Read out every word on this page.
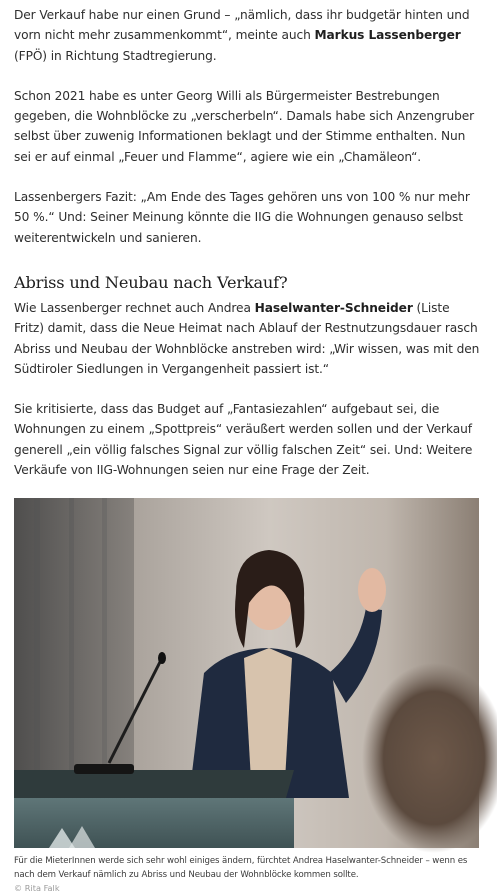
Der Verkauf habe nur einen Grund – „nämlich, dass ihr budgetär hinten und vorn nicht mehr zusammenkommt“, meinte auch Markus Lassenberger (FPÖ) in Richtung Stadtregierung.

Schon 2021 habe es unter Georg Willi als Bürgermeister Bestrebungen gegeben, die Wohnblöcke zu „verscherbeln“. Damals habe sich Anzengruber selbst über zuwenig Informationen beklagt und der Stimme enthalten. Nun sei er auf einmal „Feuer und Flamme“, agiere wie ein „Chamäleon“.

Lassenbergers Fazit: „Am Ende des Tages gehören uns von 100 % nur mehr 50 %.“ Und: Seiner Meinung könnte die IIG die Wohnungen genauso selbst weiterentwickeln und sanieren.

Abriss und Neubau nach Verkauf?

Wie Lassenberger rechnet auch Andrea Haselwanter-Schneider (Liste Fritz) damit, dass die Neue Heimat nach Ablauf der Restnutzungsdauer rasch Abriss und Neubau der Wohnblöcke anstreben wird: „Wir wissen, was mit den Südtiroler Siedlungen in Vergangenheit passiert ist.“

Sie kritisierte, dass das Budget auf „Fantasiezahlen“ aufgebaut sei, die Wohnungen zu einem „Spottpreis“ veräußert werden sollen und der Verkauf generell „ein völlig falsches Signal zur völlig falschen Zeit“ sei. Und: Weitere Verkäufe von IIG-Wohnungen seien nur eine Frage der Zeit.

Für die MieterInnen werde sich sehr wohl einiges ändern, fürchtet Andrea Haselwanter-Schneider – wenn es nach dem Verkauf nämlich zu Abriss und Neubau der Wohnblöcke kommen sollte.

© Rita Falk
